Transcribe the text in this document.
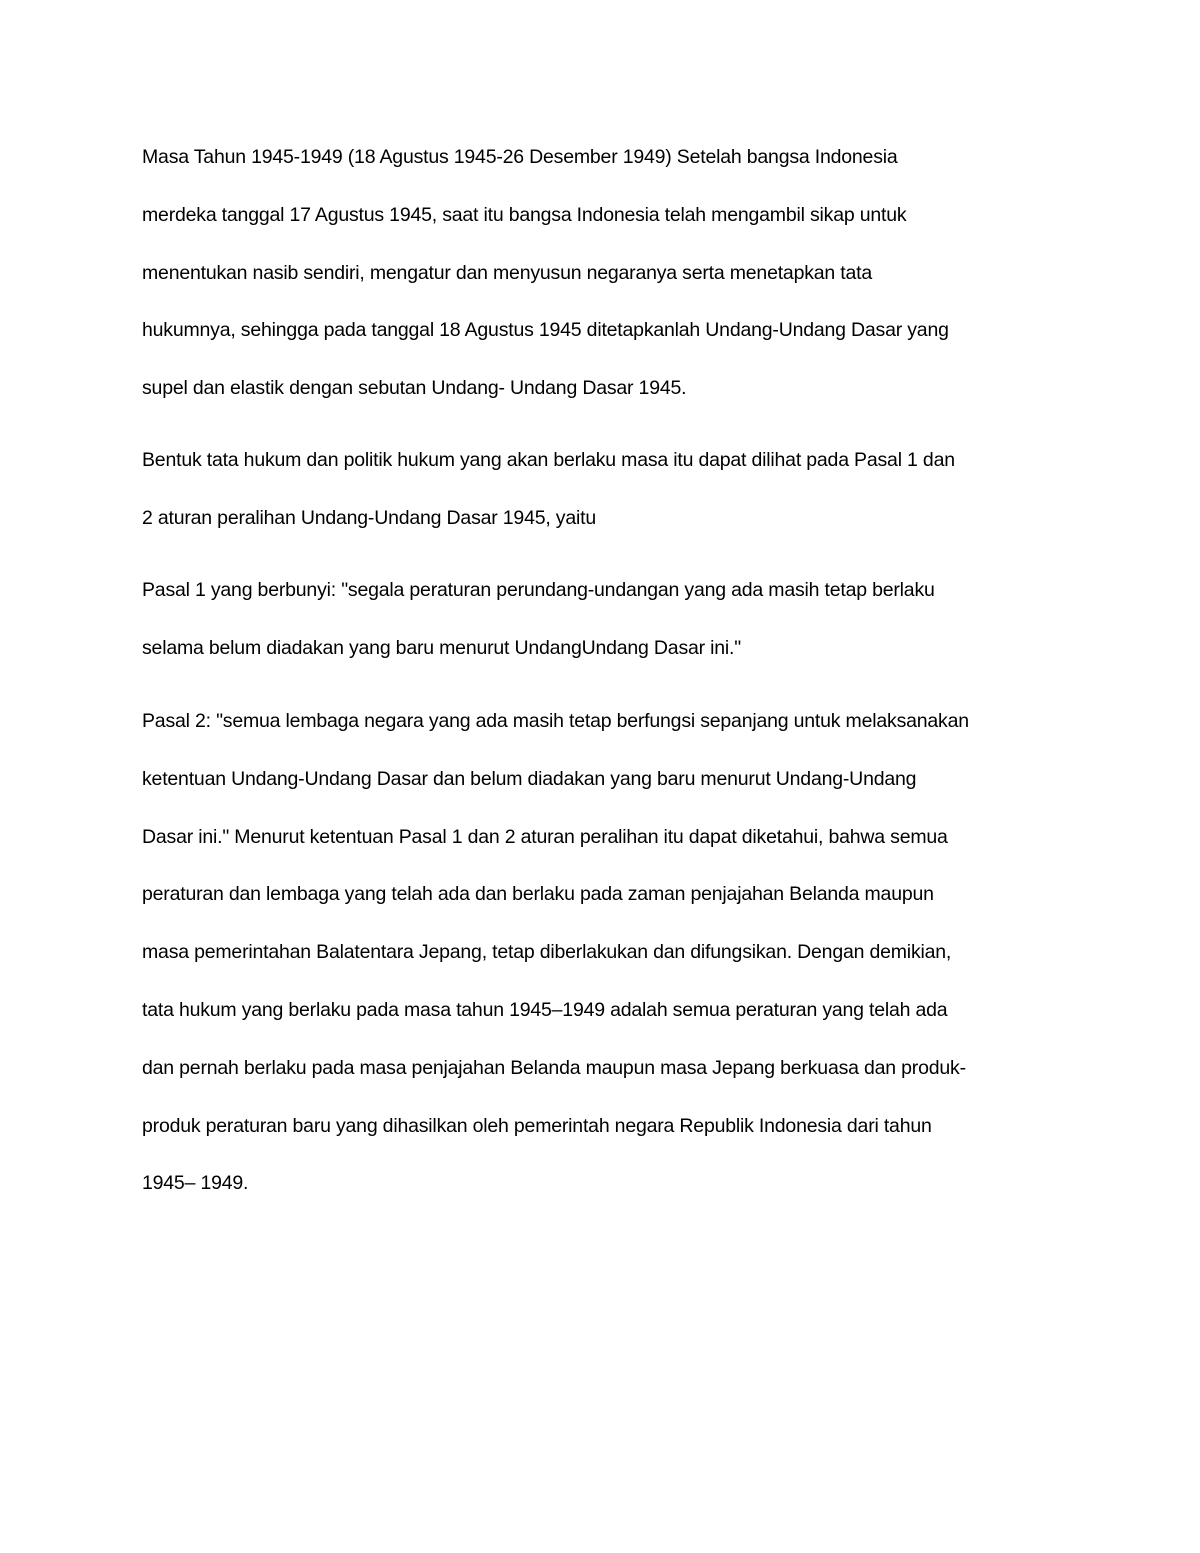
Masa Tahun 1945-1949 (18 Agustus 1945-26 Desember 1949) Setelah bangsa Indonesia
merdeka tanggal 17 Agustus 1945, saat itu bangsa Indonesia telah mengambil sikap untuk
menentukan nasib sendiri, mengatur dan menyusun negaranya serta menetapkan tata
hukumnya, sehingga pada tanggal 18 Agustus 1945 ditetapkanlah Undang-Undang Dasar yang
supel dan elastik dengan sebutan Undang- Undang Dasar 1945.
Bentuk tata hukum dan politik hukum yang akan berlaku masa itu dapat dilihat pada Pasal 1 dan
2 aturan peralihan Undang-Undang Dasar 1945, yaitu
Pasal 1 yang berbunyi: "segala peraturan perundang-undangan yang ada masih tetap berlaku
selama belum diadakan yang baru menurut UndangUndang Dasar ini."
Pasal 2: "semua lembaga negara yang ada masih tetap berfungsi sepanjang untuk melaksanakan
ketentuan Undang-Undang Dasar dan belum diadakan yang baru menurut Undang-Undang
Dasar ini." Menurut ketentuan Pasal 1 dan 2 aturan peralihan itu dapat diketahui, bahwa semua
peraturan dan lembaga yang telah ada dan berlaku pada zaman penjajahan Belanda maupun
masa pemerintahan Balatentara Jepang, tetap diberlakukan dan difungsikan. Dengan demikian,
tata hukum yang berlaku pada masa tahun 1945–1949 adalah semua peraturan yang telah ada
dan pernah berlaku pada masa penjajahan Belanda maupun masa Jepang berkuasa dan produk-
produk peraturan baru yang dihasilkan oleh pemerintah negara Republik Indonesia dari tahun
1945– 1949.
